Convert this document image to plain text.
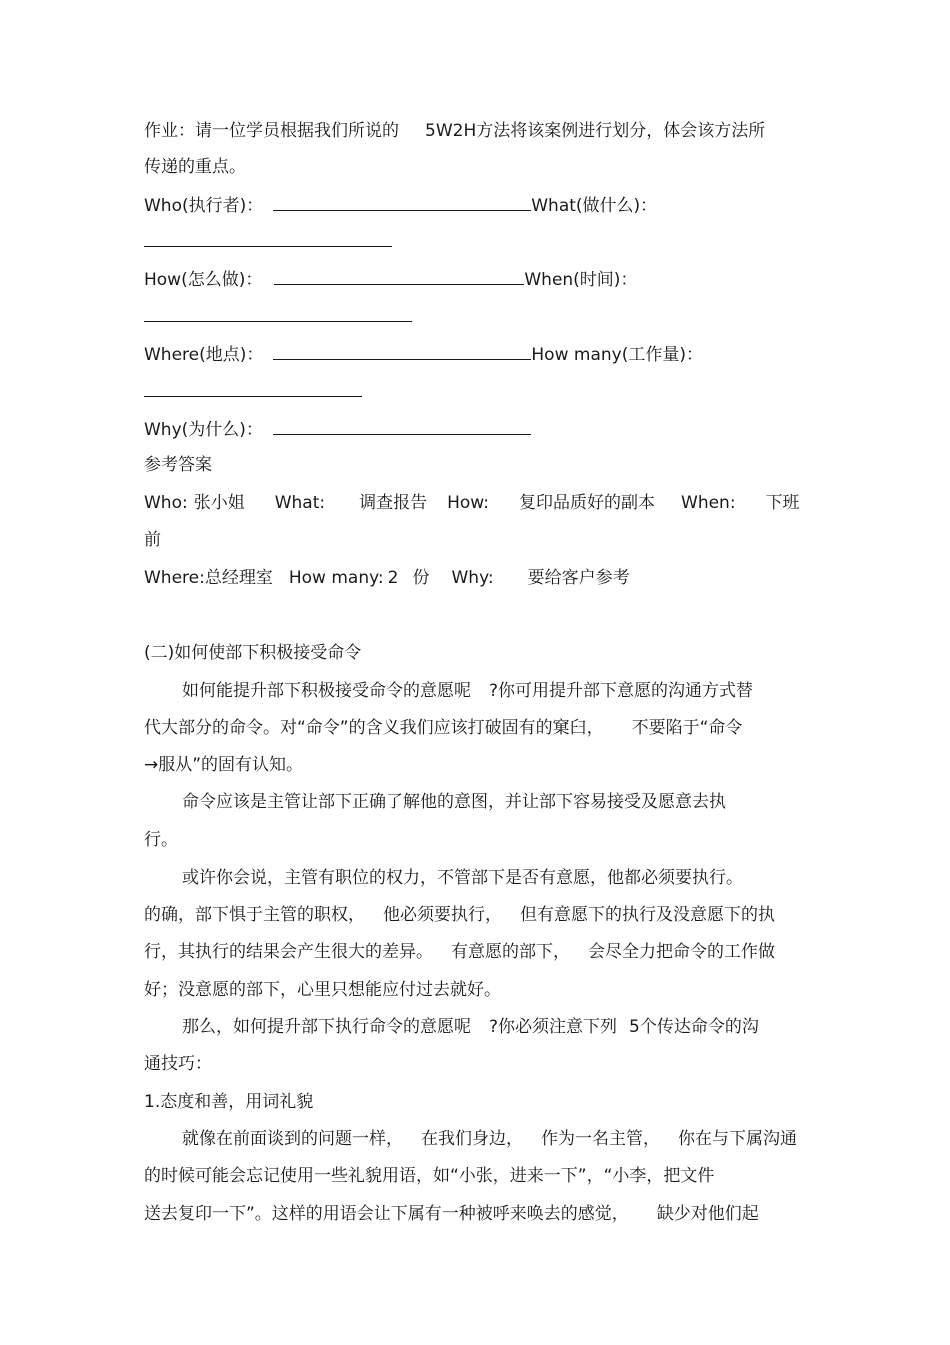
作业：请一位学员根据我们所说的 5W2H方法将该案例进行划分，体会该方法所
传递的重点。
Who(执行者)：	What(做什么)：
How(怎么做)：	When(时间)：
Where(地点)：	How many(工作量)：
Why(为什么)：
参考答案
Who: 张小姐 What: 调查报告 How: 复印品质好的副本 When: 下班
前
Where:总经理室 How many: 2 份 Why: 要给客户参考
(二)如何使部下积极接受命令
如何能提升部下积极接受命令的意愿呢 ?你可用提升部下意愿的沟通方式替
代大部分的命令。对“命令”的含义我们应该打破固有的窠臼， 不要陷于“命令
→服从”的固有认知。
命令应该是主管让部下正确了解他的意图，并让部下容易接受及愿意去执
行。
或许你会说，主管有职位的权力，不管部下是否有意愿，他都必须要执行。
的确，部下惧于主管的职权， 他必须要执行， 但有意愿下的执行及没意愿下的执
行，其执行的结果会产生很大的差异。 有意愿的部下， 会尽全力把命令的工作做
好；没意愿的部下，心里只想能应付过去就好。
那么，如何提升部下执行命令的意愿呢 ?你必须注意下列 5个传达命令的沟
通技巧：
1.态度和善，用词礼貌
就像在前面谈到的问题一样， 在我们身边， 作为一名主管， 你在与下属沟通
的时候可能会忘记使用一些礼貌用语，如“小张，进来一下”，“小李，把文件
送去复印一下”。这样的用语会让下属有一种被呼来唤去的感觉， 缺少对他们起
